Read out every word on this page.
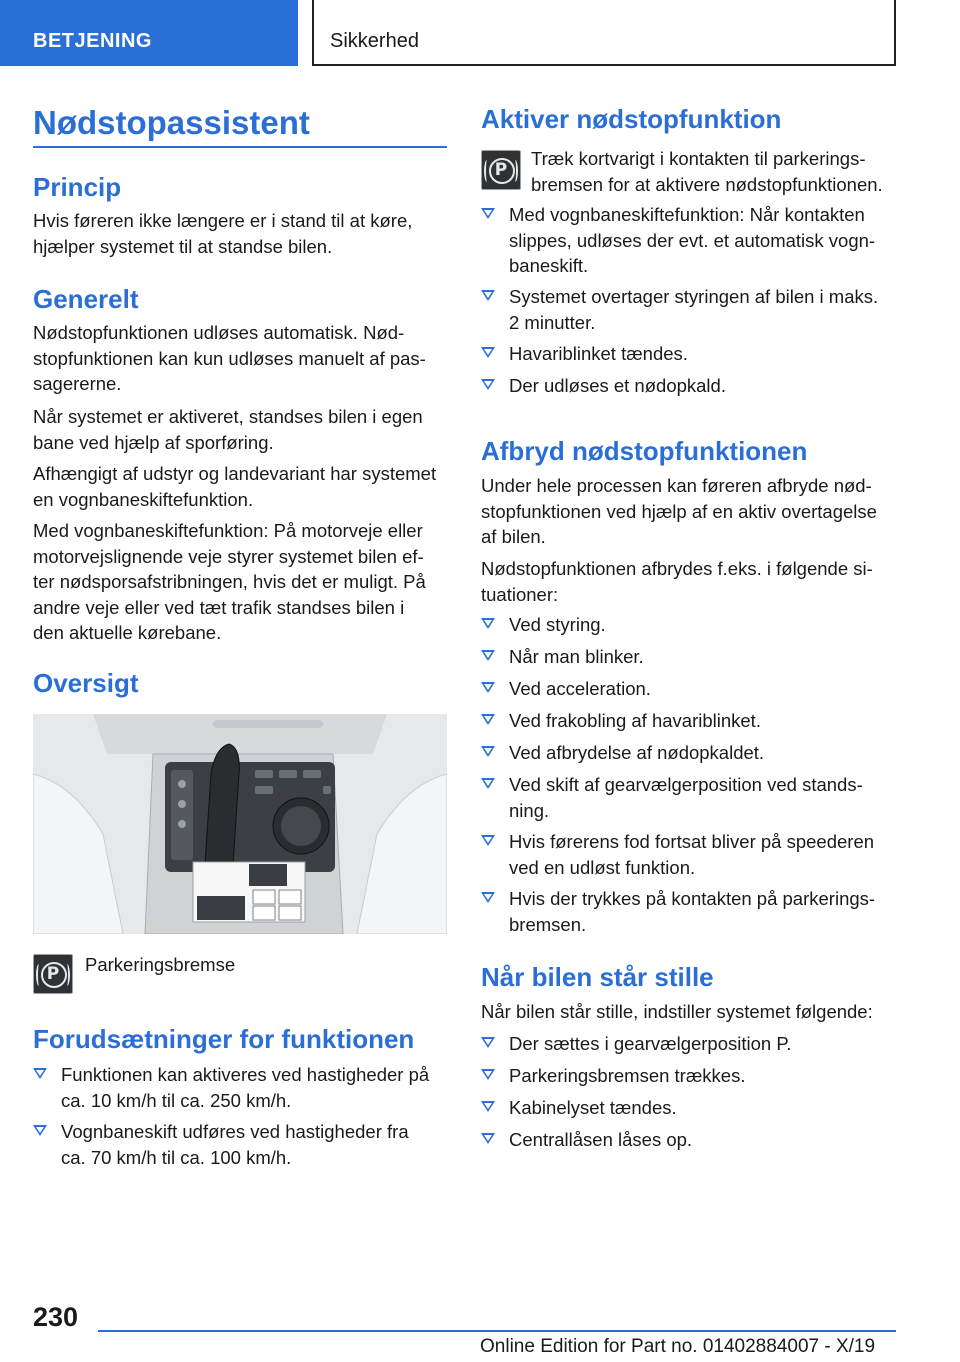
BETJENING	Sikkerhed
Nødstopassistent
Princip
Hvis føreren ikke længere er i stand til at køre,
hjælper systemet til at standse bilen.
Generelt
Nødstopfunktionen udløses automatisk. Nød-
stopfunktionen kan kun udløses manuelt af pas-
sagererne.
Når systemet er aktiveret, standses bilen i egen
bane ved hjælp af sporføring.
Afhængigt af udstyr og landevariant har systemet
en vognbaneskiftefunktion.
Med vognbaneskiftefunktion: På motorveje eller
motorvejslignende veje styrer systemet bilen ef-
ter nødsporsafstribningen, hvis det er muligt. På
andre veje eller ved tæt trafik standses bilen i
den aktuelle kørebane.
Oversigt
P	Parkeringsbremse
Forudsætninger for funktionen
Funktionen kan aktiveres ved hastigheder på
ca. 10 km/h til ca. 250 km/h.
Vognbaneskift udføres ved hastigheder fra
ca. 70 km/h til ca. 100 km/h.
Aktiver nødstopfunktion
P
Træk kortvarigt i kontakten til parkerings-
bremsen for at aktivere nødstopfunktionen.
Med vognbaneskiftefunktion: Når kontakten
slippes, udløses der evt. et automatisk vogn-
baneskift.
Systemet overtager styringen af bilen i maks.
2 minutter.
Havariblinket tændes.
Der udløses et nødopkald.
Afbryd nødstopfunktionen
Under hele processen kan føreren afbryde nød-
stopfunktionen ved hjælp af en aktiv overtagelse
af bilen.
Nødstopfunktionen afbrydes f.eks. i følgende si-
tuationer:
Ved styring.
Når man blinker.
Ved acceleration.
Ved frakobling af havariblinket.
Ved afbrydelse af nødopkaldet.
Ved skift af gearvælgerposition ved stands-
ning.
Hvis førerens fod fortsat bliver på speederen
ved en udløst funktion.
Hvis der trykkes på kontakten på parkerings-
bremsen.
Når bilen står stille
Når bilen står stille, indstiller systemet følgende:
Der sættes i gearvælgerposition P.
Parkeringsbremsen trækkes.
Kabinelyset tændes.
Centrallåsen låses op.
230
Online Edition for Part no. 01402884007 - X/19
